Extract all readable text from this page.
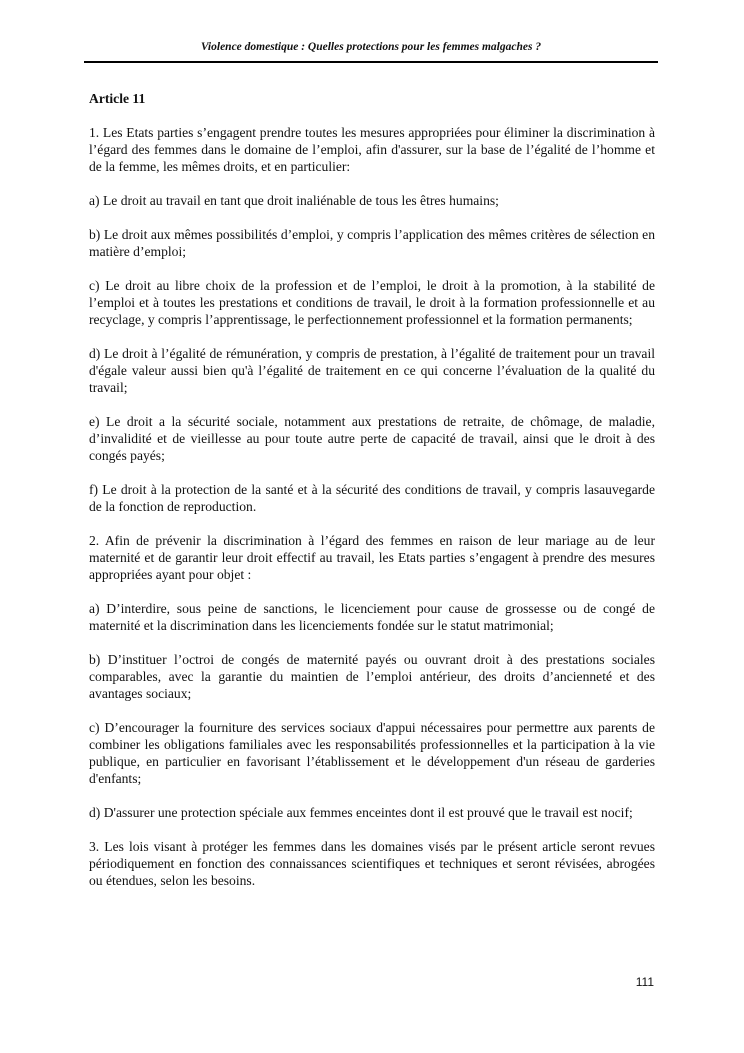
Violence domestique : Quelles protections pour les femmes malgaches ?
Article 11

1. Les Etats parties s’engagent prendre toutes les mesures appropriées pour éliminer la discrimination à l’égard des femmes dans le domaine de l’emploi, afin d'assurer, sur la base de l’égalité de l’homme et de la femme, les mêmes droits, et en particulier:

a) Le droit au travail en tant que droit inaliénable de tous les êtres humains;

b) Le droit aux mêmes possibilités d’emploi, y compris l’application des mêmes critères de sélection en matière d’emploi;

c) Le droit au libre choix de la profession et de l’emploi, le droit à la promotion, à la stabilité de l’emploi et à toutes les prestations et conditions de travail, le droit à la formation professionnelle et au recyclage, y compris l’apprentissage, le perfectionnement professionnel et la formation permanents;

d) Le droit à l’égalité de rémunération, y compris de prestation, à l’égalité de traitement pour un travail d'égale valeur aussi bien qu'à l’égalité de traitement en ce qui concerne l’évaluation de la qualité du travail;

e) Le droit a la sécurité sociale, notamment aux prestations de retraite, de chômage, de maladie, d’invalidité et de vieillesse au pour toute autre perte de capacité de travail, ainsi que le droit à des congés payés;

f) Le droit à la protection de la santé et à la sécurité des conditions de travail, y compris lasauvegarde de la fonction de reproduction.

2. Afin de prévenir la discrimination à l’égard des femmes en raison de leur mariage au de leur maternité et de garantir leur droit effectif au travail, les Etats parties s’engagent à prendre des mesures appropriées ayant pour objet :

a) D’interdire, sous peine de sanctions, le licenciement pour cause de grossesse ou de congé de maternité et la discrimination dans les licenciements fondée sur le statut matrimonial;

b) D’instituer l’octroi de congés de maternité payés ou ouvrant droit à des prestations sociales comparables, avec la garantie du maintien de l’emploi antérieur, des droits d’ancienneté et des avantages sociaux;

c) D’encourager la fourniture des services sociaux d'appui nécessaires pour permettre aux parents de combiner les obligations familiales avec les responsabilités professionnelles et la participation à la vie publique, en particulier en favorisant l’établissement et le développement d'un réseau de garderies d'enfants;

d) D'assurer une protection spéciale aux femmes enceintes dont il est prouvé que le travail est nocif;

3. Les lois visant à protéger les femmes dans les domaines visés par le présent article seront revues périodiquement en fonction des connaissances scientifiques et techniques et seront révisées, abrogées ou étendues, selon les besoins.

111
